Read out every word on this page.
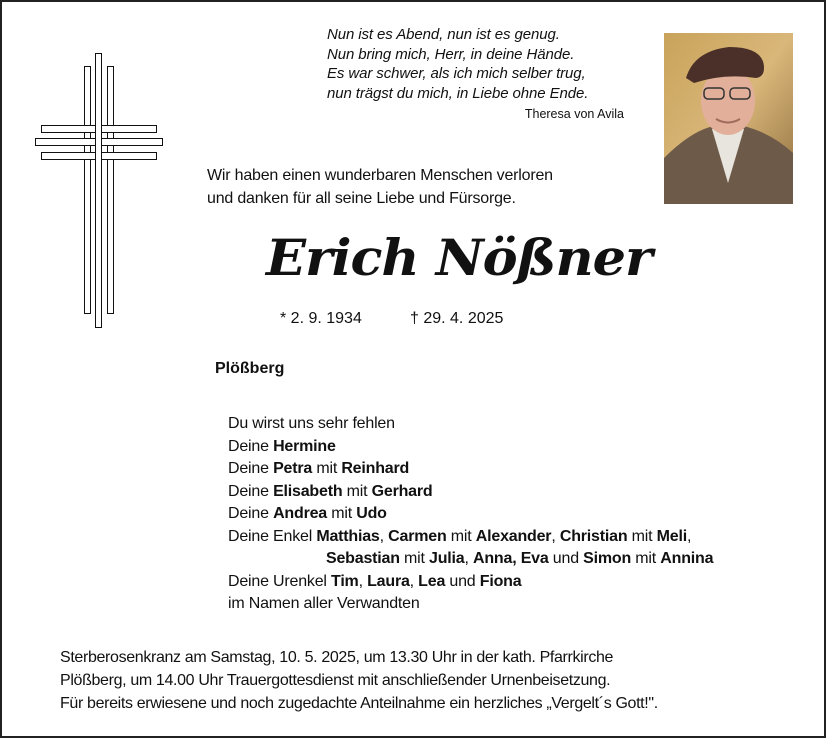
Nun ist es Abend, nun ist es genug.
Nun bring mich, Herr, in deine Hände.
Es war schwer, als ich mich selber trug,
nun trägst du mich, in Liebe ohne Ende.
Theresa von Avila
Wir haben einen wunderbaren Menschen verloren
und danken für all seine Liebe und Fürsorge.
Erich Nößner
* 2. 9. 1934	† 29. 4. 2025
Plößberg
Du wirst uns sehr fehlen
Deine Hermine
Deine Petra mit Reinhard
Deine Elisabeth mit Gerhard
Deine Andrea mit Udo
Deine Enkel Matthias, Carmen mit Alexander, Christian mit Meli,
Sebastian mit Julia, Anna, Eva und Simon mit Annina
Deine Urenkel Tim, Laura, Lea und Fiona
im Namen aller Verwandten
Sterberosenkranz am Samstag, 10. 5. 2025, um 13.30 Uhr in der kath. Pfarrkirche
Plößberg, um 14.00 Uhr Trauergottesdienst mit anschließender Urnenbeisetzung.
Für bereits erwiesene und noch zugedachte Anteilnahme ein herzliches „Vergelt´s Gott!".
